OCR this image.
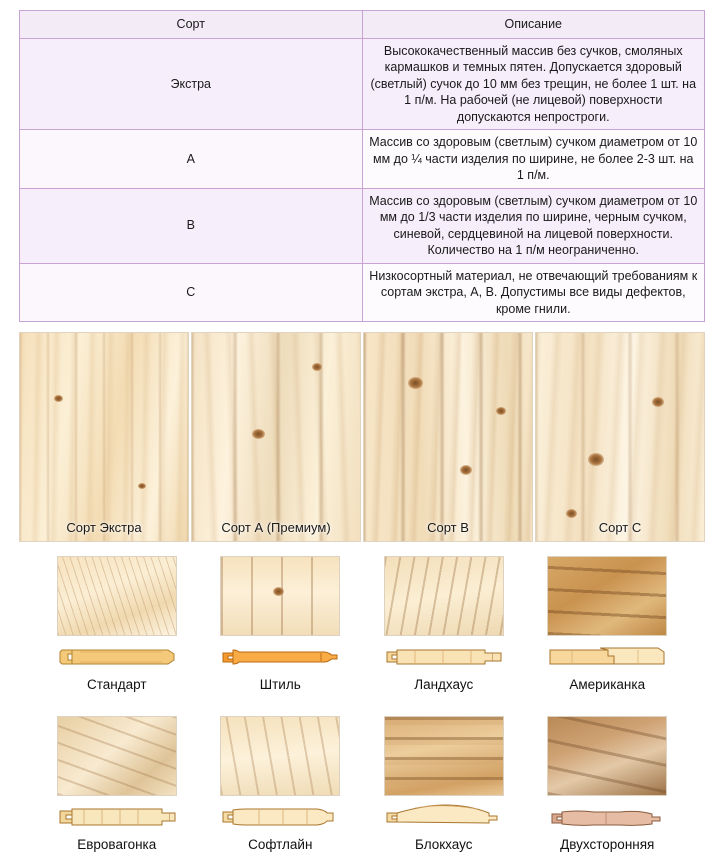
Сорт	Описание
Экстра	Высококачественный массив без сучков, смоляных кармашков и темных пятен. Допускается здоровый (светлый) сучок до 10 мм без трещин, не более 1 шт. на 1 п/м. На рабочей (не лицевой) поверхности допускаются непростроги.
А	Массив со здоровым (светлым) сучком диаметром от 10 мм до ¼ части изделия по ширине, не более 2-3 шт. на 1 п/м.
В	Массив со здоровым (светлым) сучком диаметром от 10 мм до 1/3 части изделия по ширине, черным сучком, синевой, сердцевиной на лицевой поверхности. Количество на 1 п/м неограниченно.
С	Низкосортный материал, не отвечающий требованиям к сортам экстра, А, В. Допустимы все виды дефектов, кроме гнили.
Сорт Экстра	Сорт А (Премиум)	Сорт В	Сорт С
Стандарт	Штиль	Ландхаус	Американка
Евровагонка	Софтлайн	Блокхаус	Двухсторонняя
